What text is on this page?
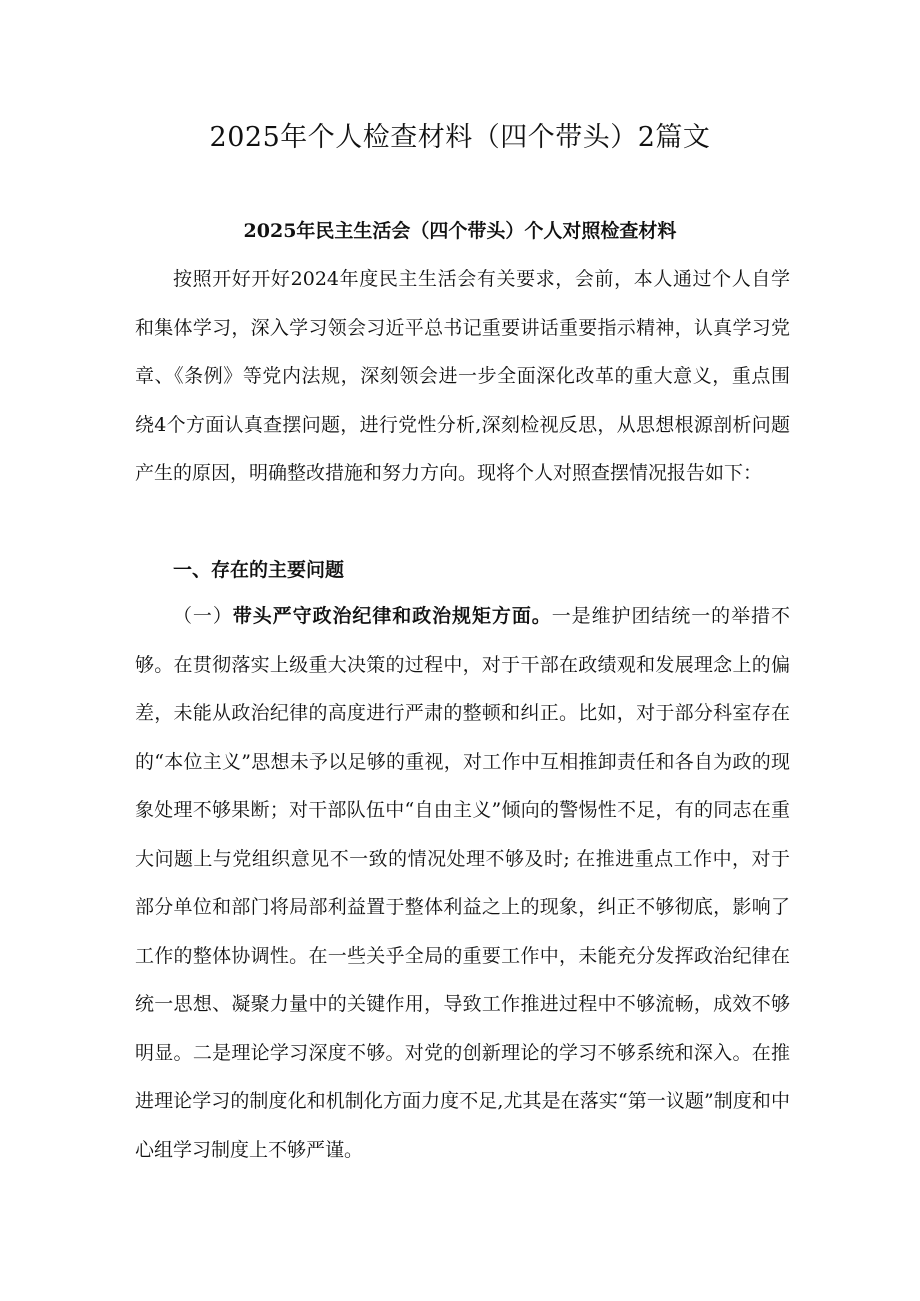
2025年个人检查材料（四个带头）2篇文
2025年民主生活会（四个带头）个人对照检查材料

按照开好开好2024年度民主生活会有关要求，会前，本人通过个人自学和集体学习，深入学习领会习近平总书记重要讲话重要指示精神，认真学习党章、《条例》等党内法规，深刻领会进一步全面深化改革的重大意义，重点围绕4个方面认真查摆问题，进行党性分析,深刻检视反思，从思想根源剖析问题产生的原因，明确整改措施和努力方向。现将个人对照查摆情况报告如下：

一、存在的主要问题

（一）带头严守政治纪律和政治规矩方面。一是维护团结统一的举措不够。在贯彻落实上级重大决策的过程中，对于干部在政绩观和发展理念上的偏差，未能从政治纪律的高度进行严肃的整顿和纠正。比如，对于部分科室存在的“本位主义”思想未予以足够的重视，对工作中互相推卸责任和各自为政的现象处理不够果断；对干部队伍中“自由主义”倾向的警惕性不足，有的同志在重大问题上与党组织意见不一致的情况处理不够及时; 在推进重点工作中，对于部分单位和部门将局部利益置于整体利益之上的现象，纠正不够彻底，影响了工作的整体协调性。在一些关乎全局的重要工作中，未能充分发挥政治纪律在统一思想、凝聚力量中的关键作用，导致工作推进过程中不够流畅，成效不够明显。二是理论学习深度不够。对党的创新理论的学习不够系统和深入。在推进理论学习的制度化和机制化方面力度不足,尤其是在落实“第一议题”制度和中心组学习制度上不够严谨。
